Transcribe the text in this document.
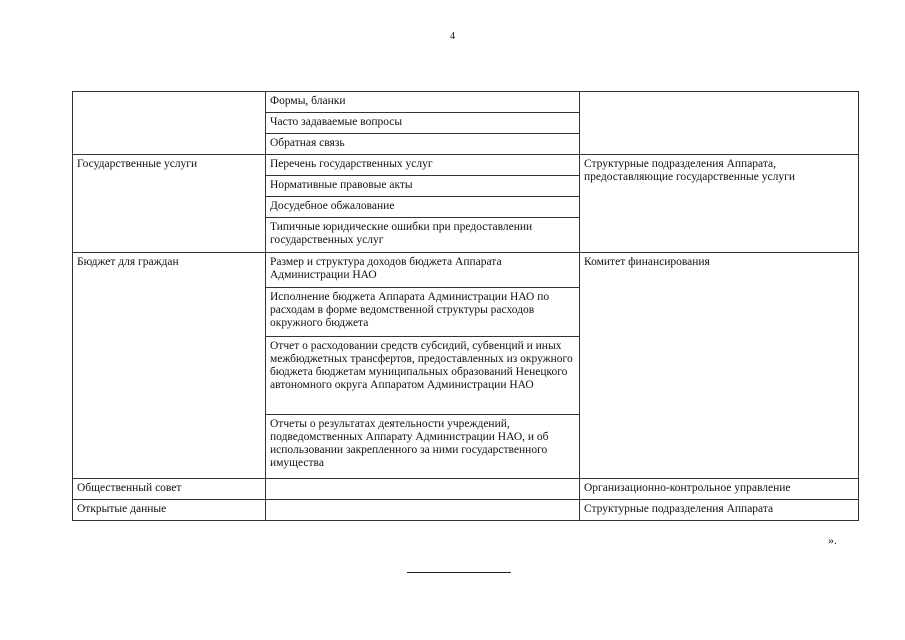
4
	Формы, бланки	
	Часто задаваемые вопросы	
	Обратная связь	
Государственные услуги	Перечень государственных услуг	Структурные подразделения Аппарата, предоставляющие государственные услуги
	Нормативные правовые акты	
	Досудебное обжалование	
	Типичные юридические ошибки при предоставлении государственных услуг	
Бюджет для граждан	Размер и структура доходов бюджета Аппарата Администрации НАО	Комитет финансирования
	Исполнение бюджета Аппарата Администрации НАО по расходам в форме ведомственной структуры расходов окружного бюджета	
	Отчет о расходовании средств субсидий, субвенций и иных межбюджетных трансфертов, предоставленных из окружного бюджета бюджетам муниципальных образований Ненецкого автономного округа Аппаратом Администрации НАО	
	Отчеты о результатах деятельности учреждений, подведомственных Аппарату Администрации НАО, и об использовании закрепленного за ними государственного имущества	
Общественный совет		Организационно-контрольное управление
Открытые данные		Структурные подразделения Аппарата
».
